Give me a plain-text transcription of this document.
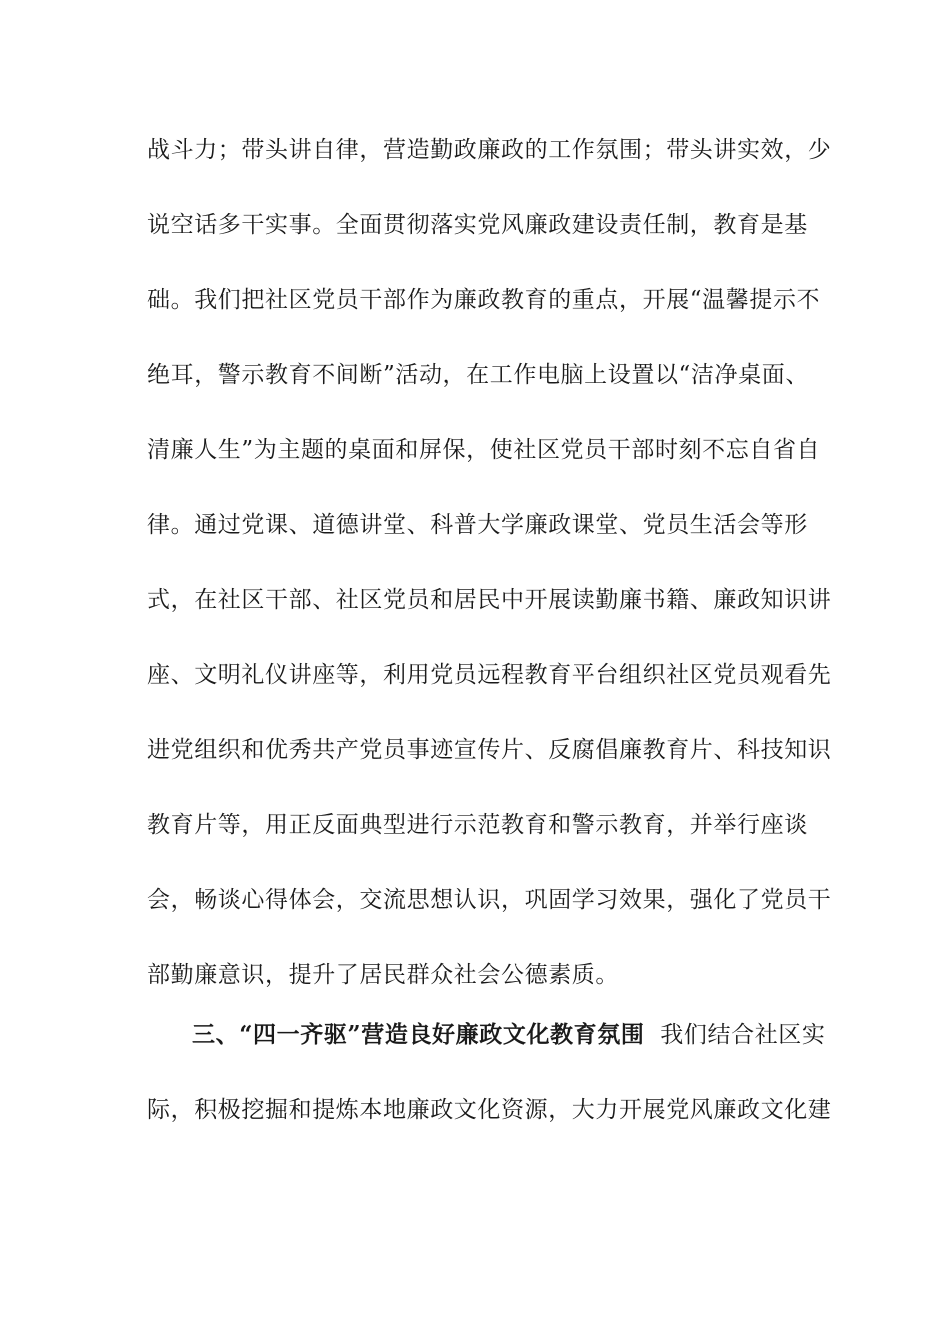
战斗力；带头讲自律，营造勤政廉政的工作氛围；带头讲实效，少
说空话多干实事。全面贯彻落实党风廉政建设责任制，教育是基
础。我们把社区党员干部作为廉政教育的重点，开展“温馨提示不
绝耳，警示教育不间断”活动，在工作电脑上设置以“洁净桌面、
清廉人生”为主题的桌面和屏保，使社区党员干部时刻不忘自省自
律。通过党课、道德讲堂、科普大学廉政课堂、党员生活会等形
式，在社区干部、社区党员和居民中开展读勤廉书籍、廉政知识讲
座、文明礼仪讲座等，利用党员远程教育平台组织社区党员观看先
进党组织和优秀共产党员事迹宣传片、反腐倡廉教育片、科技知识
教育片等，用正反面典型进行示范教育和警示教育，并举行座谈
会，畅谈心得体会，交流思想认识，巩固学习效果，强化了党员干
部勤廉意识，提升了居民群众社会公德素质。
三、“四一齐驱”营造良好廉政文化教育氛围 我们结合社区实
际，积极挖掘和提炼本地廉政文化资源，大力开展党风廉政文化建
